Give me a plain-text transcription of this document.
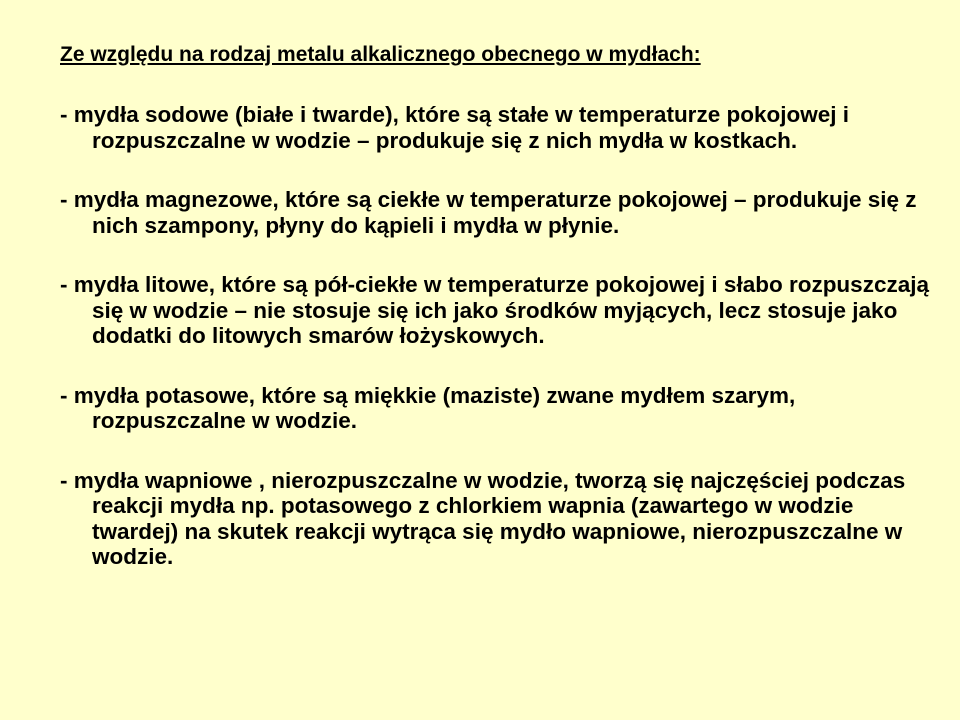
Ze względu na rodzaj metalu alkalicznego obecnego w mydłach:

- mydła sodowe (białe i twarde), które są stałe w temperaturze pokojowej i rozpuszczalne w wodzie – produkuje się z nich mydła w kostkach.

- mydła magnezowe, które są ciekłe w temperaturze pokojowej – produkuje się z nich szampony, płyny do kąpieli i mydła w płynie.

- mydła litowe, które są pół-ciekłe w temperaturze pokojowej i słabo rozpuszczają się w wodzie – nie stosuje się ich jako środków myjących, lecz stosuje jako dodatki do litowych smarów łożyskowych.

- mydła potasowe, które są miękkie (maziste) zwane mydłem szarym, rozpuszczalne w wodzie.

- mydła wapniowe , nierozpuszczalne w wodzie, tworzą się najczęściej podczas reakcji mydła np. potasowego z chlorkiem wapnia (zawartego w wodzie twardej) na skutek reakcji wytrąca się mydło wapniowe, nierozpuszczalne w wodzie.
